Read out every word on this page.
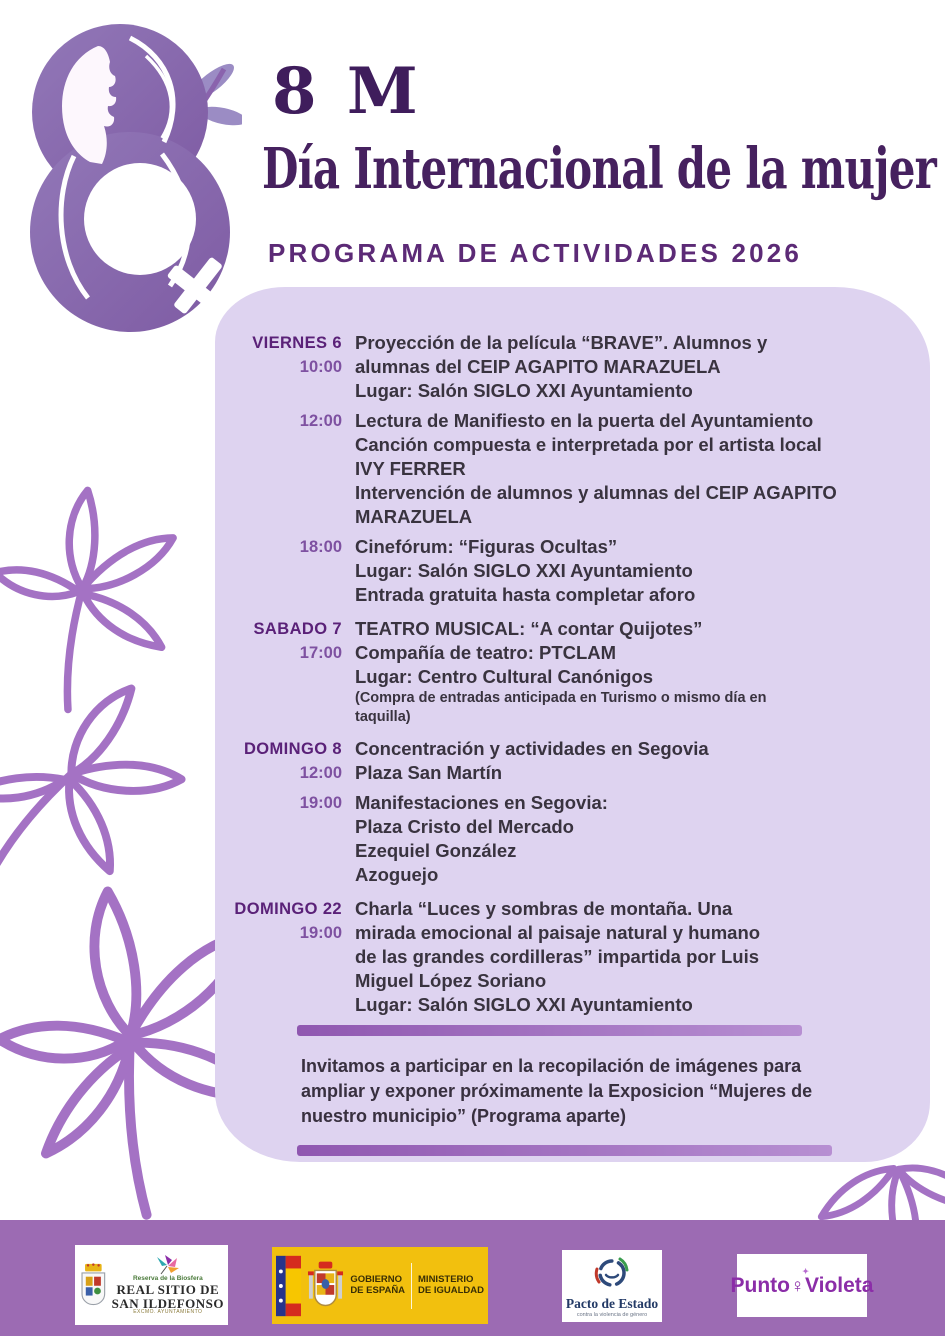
8 M
Día Internacional de la mujer
PROGRAMA DE ACTIVIDADES 2026
VIERNES 6
10:00
Proyección de la película “BRAVE”. Alumnos y
alumnas del CEIP AGAPITO MARAZUELA
Lugar: Salón SIGLO XXI Ayuntamiento
12:00 Lectura de Manifiesto en la puerta del Ayuntamiento
Canción compuesta e interpretada por el artista local
IVY FERRER
Intervención de alumnos y alumnas del CEIP AGAPITO
MARAZUELA
18:00 Cinefórum: “Figuras Ocultas”
Lugar: Salón SIGLO XXI Ayuntamiento
Entrada gratuita hasta completar aforo
SABADO 7
17:00
TEATRO MUSICAL: “A contar Quijotes”
Compañía de teatro: PTCLAM
Lugar: Centro Cultural Canónigos
(Compra de entradas anticipada en Turismo o mismo día en
taquilla)
DOMINGO 8
12:00
Concentración y actividades en Segovia
Plaza San Martín
19:00 Manifestaciones en Segovia:
Plaza Cristo del Mercado
Ezequiel González
Azoguejo
DOMINGO 22
19:00
Charla “Luces y sombras de montaña. Una
mirada emocional al paisaje natural y humano
de las grandes cordilleras” impartida por Luis
Miguel López Soriano
Lugar: Salón SIGLO XXI Ayuntamiento
Invitamos a participar en la recopilación de imágenes para
ampliar y exponer próximamente la Exposicion “Mujeres de
nuestro municipio” (Programa aparte)
Reserva de la Biosfera
REAL SITIO DE
SAN ILDEFONSO
EXCMO. AYUNTAMIENTO
GOBIERNO
DE ESPAÑA
MINISTERIO
DE IGUALDAD
Pacto de Estado
contra la violencia de género
Punto ♀
✦
Violeta
